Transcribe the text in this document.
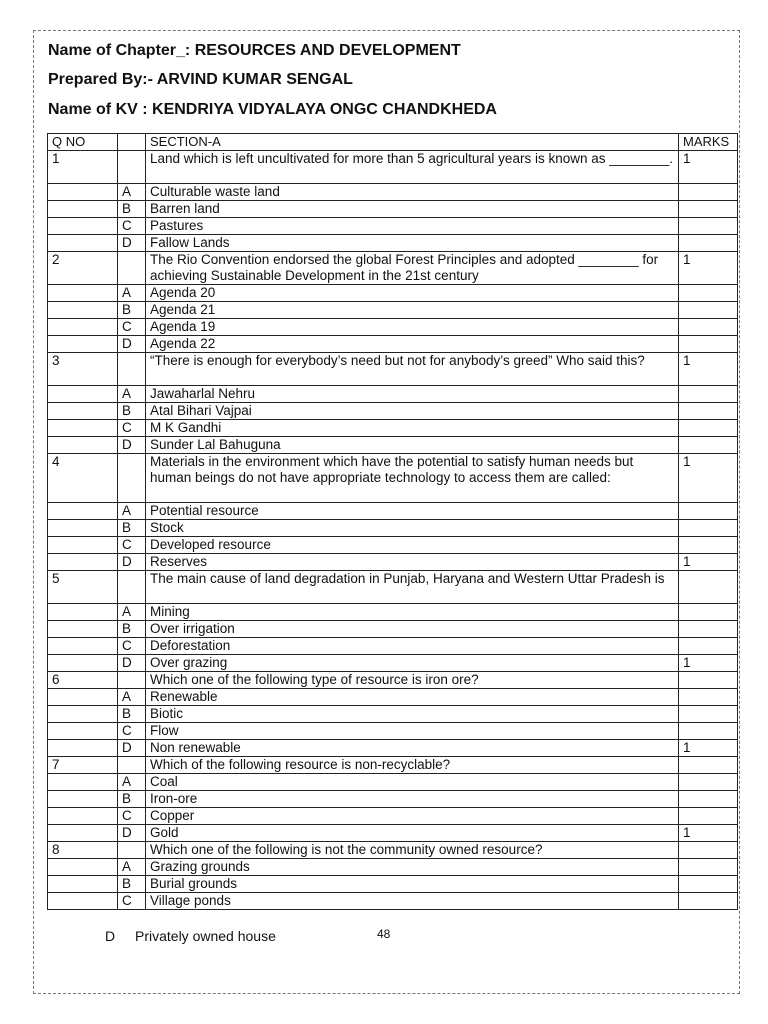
Name of Chapter_: RESOURCES AND DEVELOPMENT
Prepared By:- ARVIND KUMAR SENGAL
Name of KV : KENDRIYA VIDYALAYA ONGC CHANDKHEDA
Q NO		SECTION-A	MARKS
1		Land which is left uncultivated for more than 5 agricultural years is known as ________.	1
	A	Culturable waste land	
	B	Barren land	
	C	Pastures	
	D	Fallow Lands	
2		The Rio Convention endorsed the global Forest Principles and adopted ________ for achieving Sustainable Development in the 21st century	1
	A	Agenda 20	
	B	Agenda 21	
	C	Agenda 19	
	D	Agenda 22	
3		“There is enough for everybody’s need but not for anybody’s greed” Who said this?	1
	A	Jawaharlal Nehru	
	B	Atal Bihari Vajpai	
	C	M K Gandhi	
	D	Sunder Lal Bahuguna	
4		Materials in the environment which have the potential to satisfy human needs but human beings do not have appropriate technology to access them are called:	1
	A	Potential resource	
	B	Stock	
	C	Developed resource	
	D	Reserves	1
5		The main cause of land degradation in Punjab, Haryana and Western Uttar Pradesh is	
	A	Mining	
	B	Over irrigation	
	C	Deforestation	
	D	Over grazing	1
6		Which one of the following type of resource is iron ore?	
	A	Renewable	
	B	Biotic	
	C	Flow	
	D	Non renewable	1
7		Which of the following resource is non-recyclable?	
	A	Coal	
	B	Iron-ore	
	C	Copper	
	D	Gold	1
8		Which one of the following is not the community owned resource?	
	A	Grazing grounds	
	B	Burial grounds	
	C	Village ponds	
D Privately owned house	48
